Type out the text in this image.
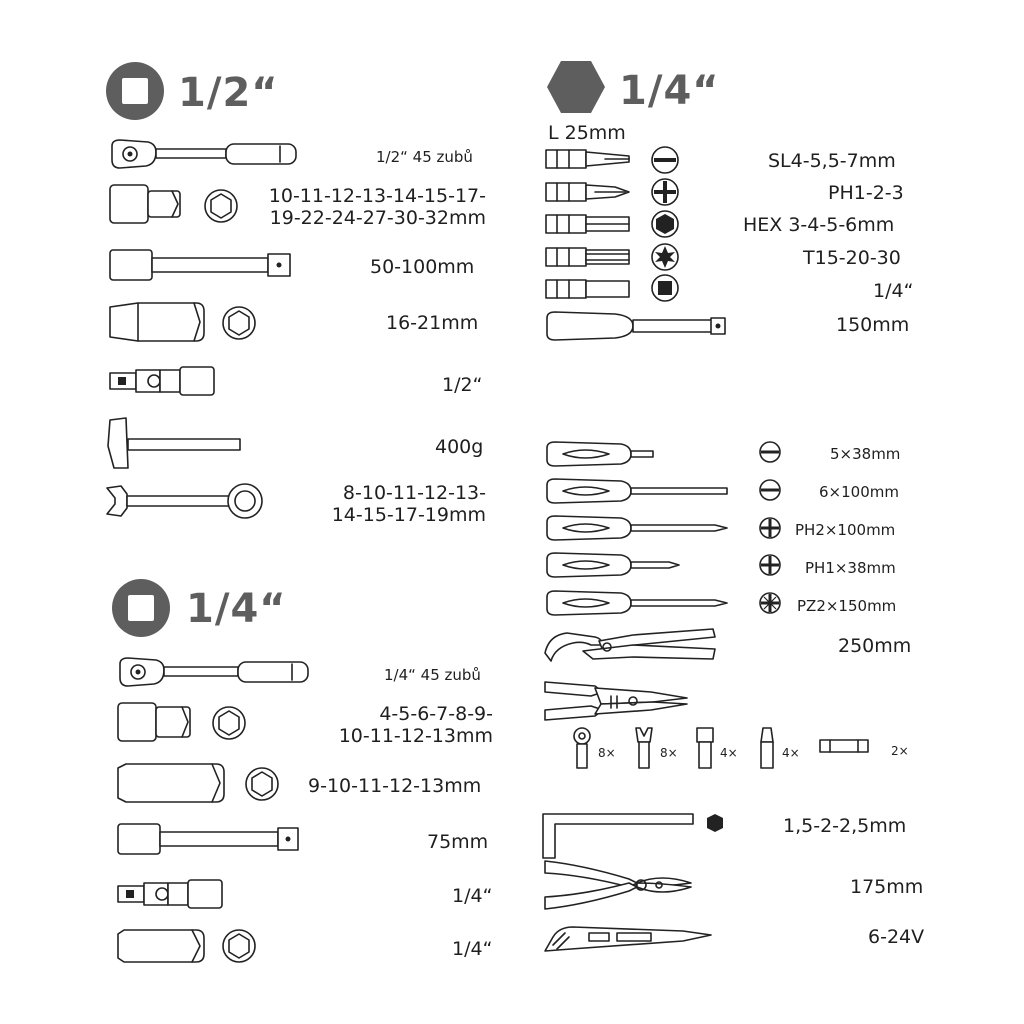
1/2“
1/2“ 45 zubů
10-11-12-13-14-15-17-
19-22-24-27-30-32mm
50-100mm
16-21mm
1/2“
400g
8-10-11-12-13-
14-15-17-19mm
1/4“
1/4“ 45 zubů
4-5-6-7-8-9-
10-11-12-13mm
9-10-11-12-13mm
75mm
1/4“
1/4“
1/4“
L 25mm
SL4-5,5-7mm
PH1-2-3
HEX 3-4-5-6mm
T15-20-30
1/4“
150mm
5×38mm
6×100mm
PH2×100mm
PH1×38mm
PZ2×150mm
250mm
8×	8×	4×	4×	2×
1,5-2-2,5mm
175mm
6-24V
